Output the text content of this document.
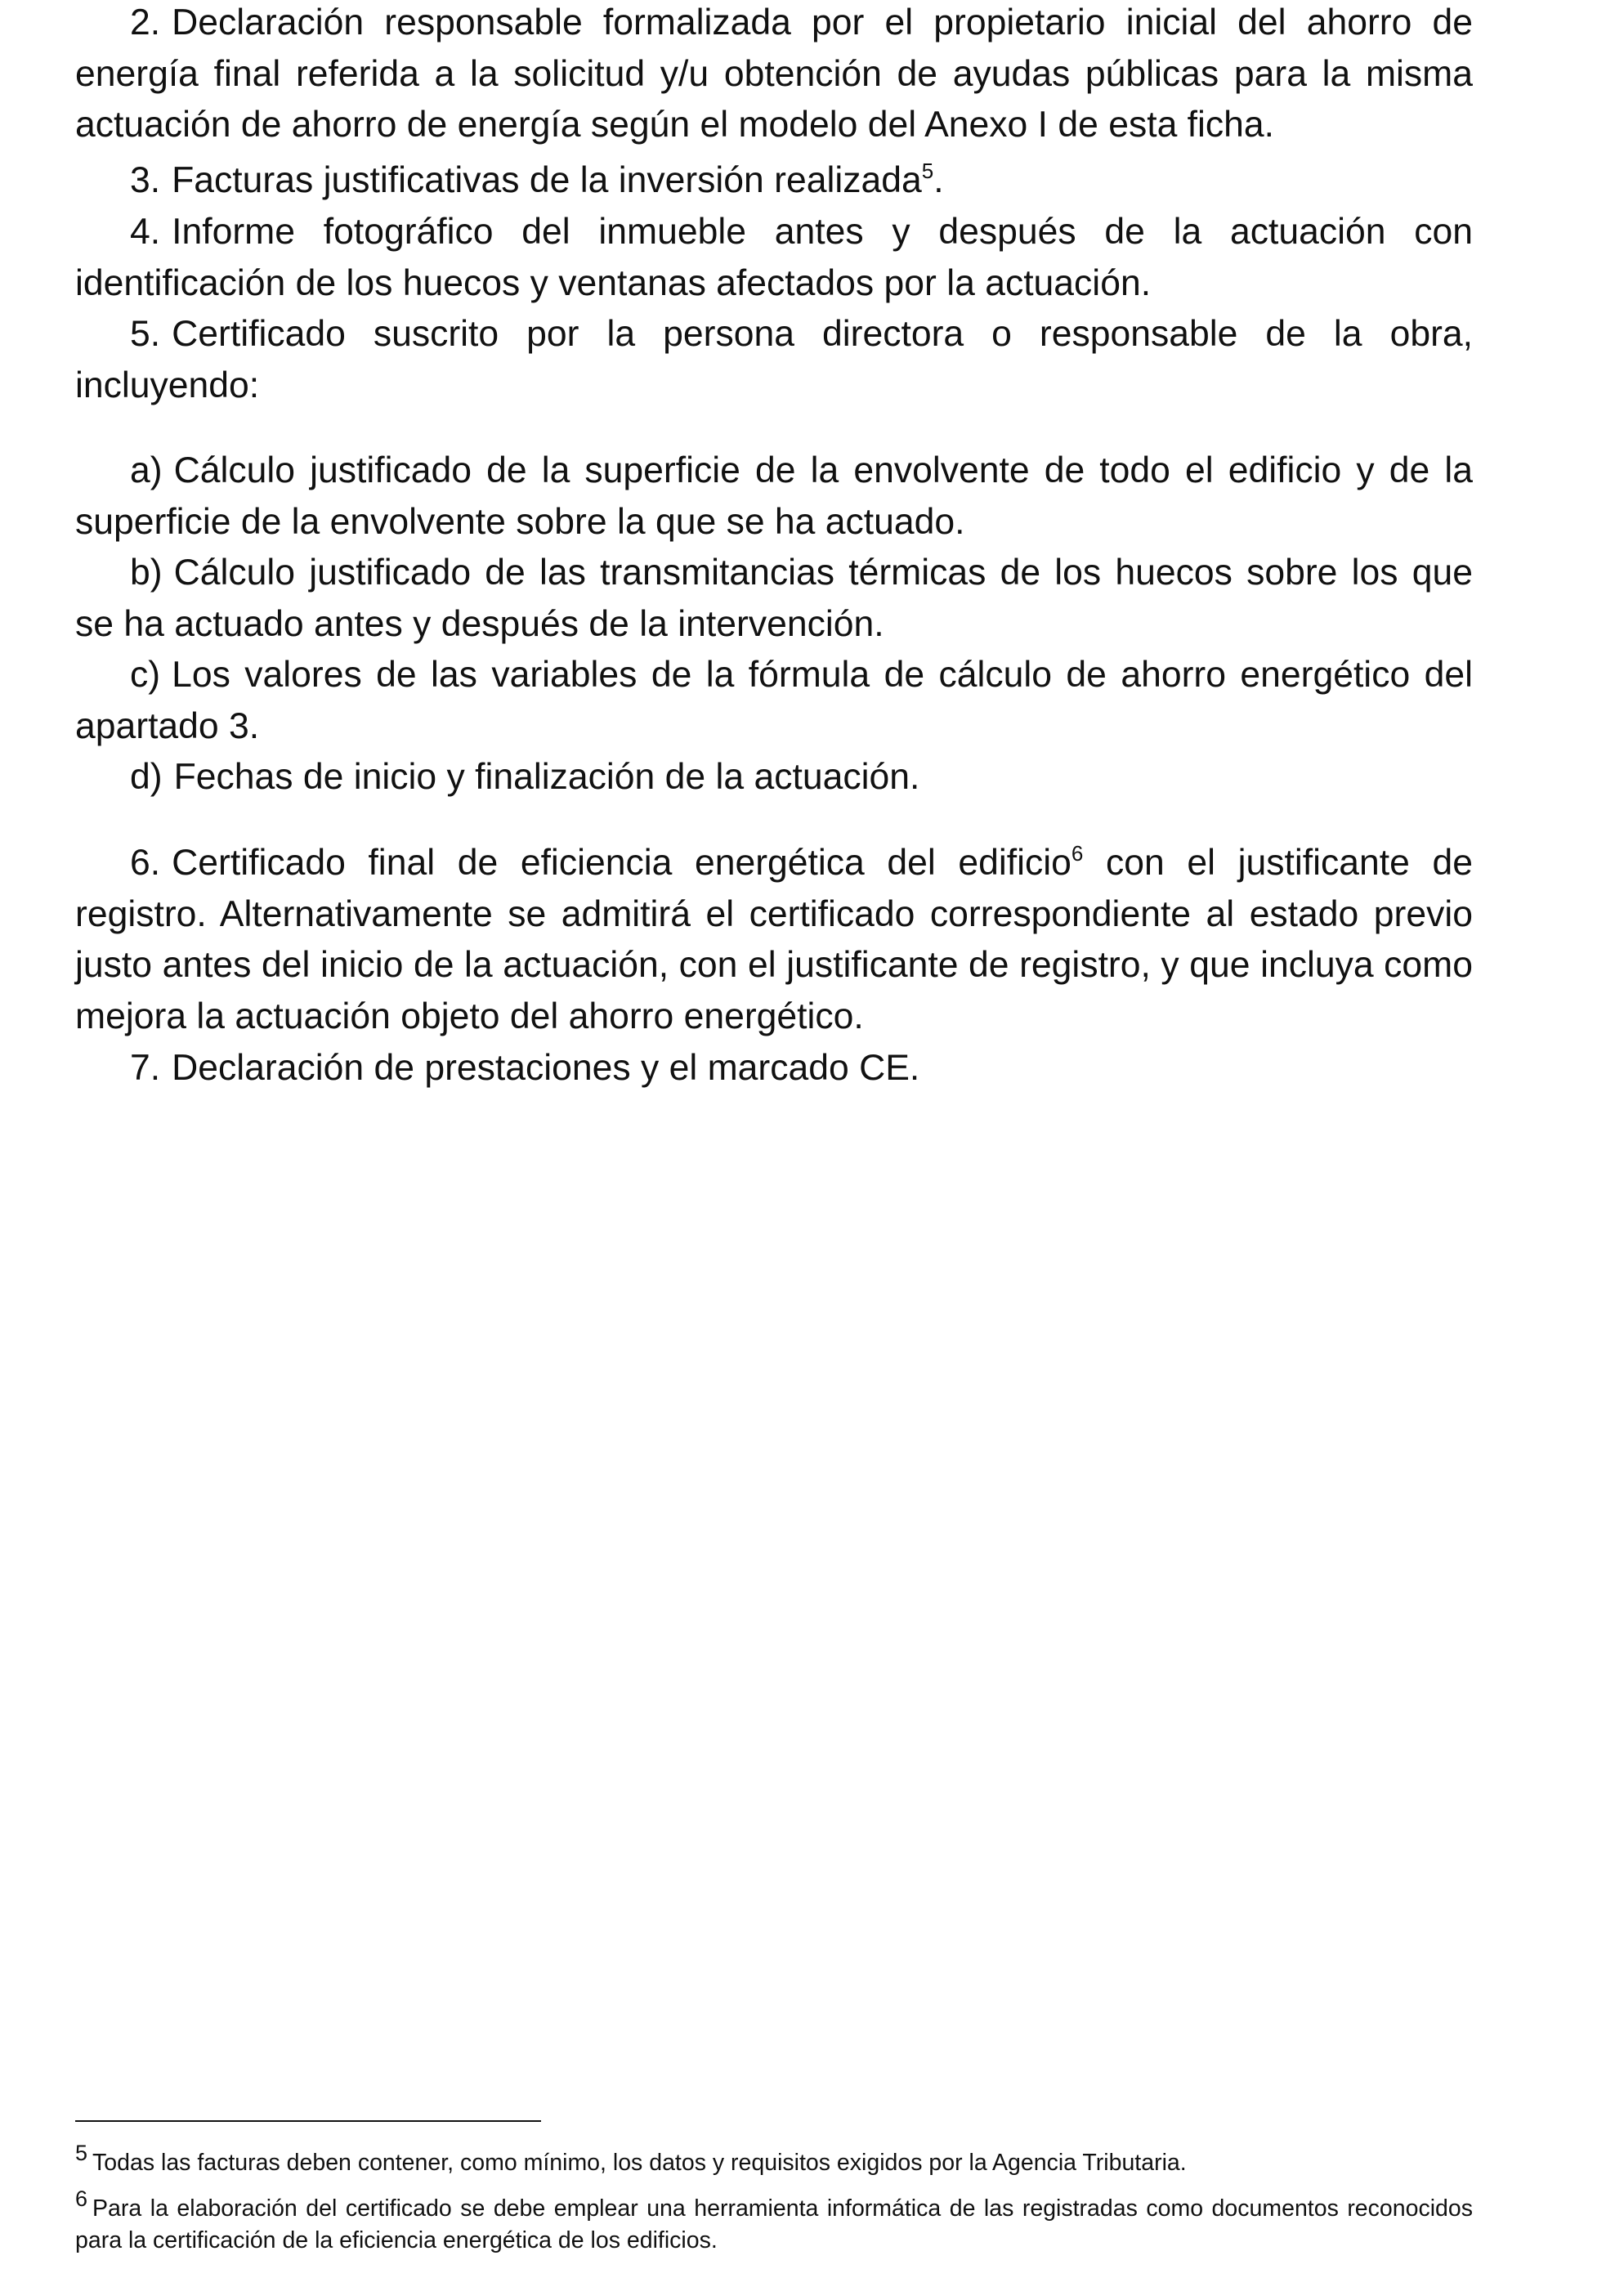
2. Declaración responsable formalizada por el propietario inicial del ahorro de energía final referida a la solicitud y/u obtención de ayudas públicas para la misma actuación de ahorro de energía según el modelo del Anexo I de esta ficha.

3. Facturas justificativas de la inversión realizada$^5$.

4. Informe fotográfico del inmueble antes y después de la actuación con identificación de los huecos y ventanas afectados por la actuación.

5. Certificado suscrito por la persona directora o responsable de la obra, incluyendo:

a) Cálculo justificado de la superficie de la envolvente de todo el edificio y de la superficie de la envolvente sobre la que se ha actuado.

b) Cálculo justificado de las transmitancias térmicas de los huecos sobre los que se ha actuado antes y después de la intervención.

c) Los valores de las variables de la fórmula de cálculo de ahorro energético del apartado 3.

d) Fechas de inicio y finalización de la actuación.

6. Certificado final de eficiencia energética del edificio$^6$ con el justificante de registro. Alternativamente se admitirá el certificado correspondiente al estado previo justo antes del inicio de la actuación, con el justificante de registro, y que incluya como mejora la actuación objeto del ahorro energético.

7. Declaración de prestaciones y el marcado CE.

5 Todas las facturas deben contener, como mínimo, los datos y requisitos exigidos por la Agencia Tributaria.

6 Para la elaboración del certificado se debe emplear una herramienta informática de las registradas como documentos reconocidos para la certificación de la eficiencia energética de los edificios.
